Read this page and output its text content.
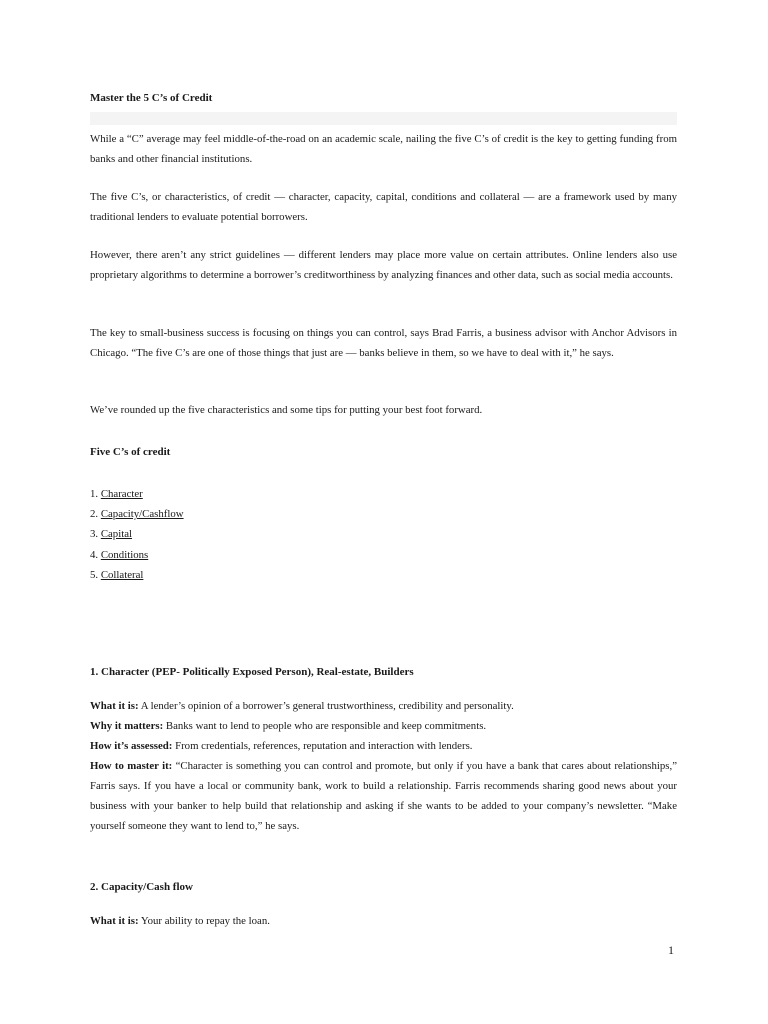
Master the 5 C’s of Credit

While a “C” average may feel middle-of-the-road on an academic scale, nailing the five C’s of credit is the key to getting funding from banks and other financial institutions.

The five C’s, or characteristics, of credit — character, capacity, capital, conditions and collateral — are a framework used by many traditional lenders to evaluate potential borrowers.

However, there aren’t any strict guidelines — different lenders may place more value on certain attributes. Online lenders also use proprietary algorithms to determine a borrower’s creditworthiness by analyzing finances and other data, such as social media accounts.

The key to small-business success is focusing on things you can control, says Brad Farris, a business advisor with Anchor Advisors in Chicago. “The five C’s are one of those things that just are — banks believe in them, so we have to deal with it,” he says.

We’ve rounded up the five characteristics and some tips for putting your best foot forward.

Five C’s of credit
1. Character
2. Capacity/Cashflow
3. Capital
4. Conditions
5. Collateral
1. Character (PEP- Politically Exposed Person), Real-estate, Builders
What it is: A lender’s opinion of a borrower’s general trustworthiness, credibility and personality.
Why it matters: Banks want to lend to people who are responsible and keep commitments.
How it’s assessed: From credentials, references, reputation and interaction with lenders.
How to master it: “Character is something you can control and promote, but only if you have a bank that cares about relationships,” Farris says. If you have a local or community bank, work to build a relationship. Farris recommends sharing good news about your business with your banker to help build that relationship and asking if she wants to be added to your company’s newsletter. “Make yourself someone they want to lend to,” he says.
2. Capacity/Cash flow
What it is: Your ability to repay the loan.
1
